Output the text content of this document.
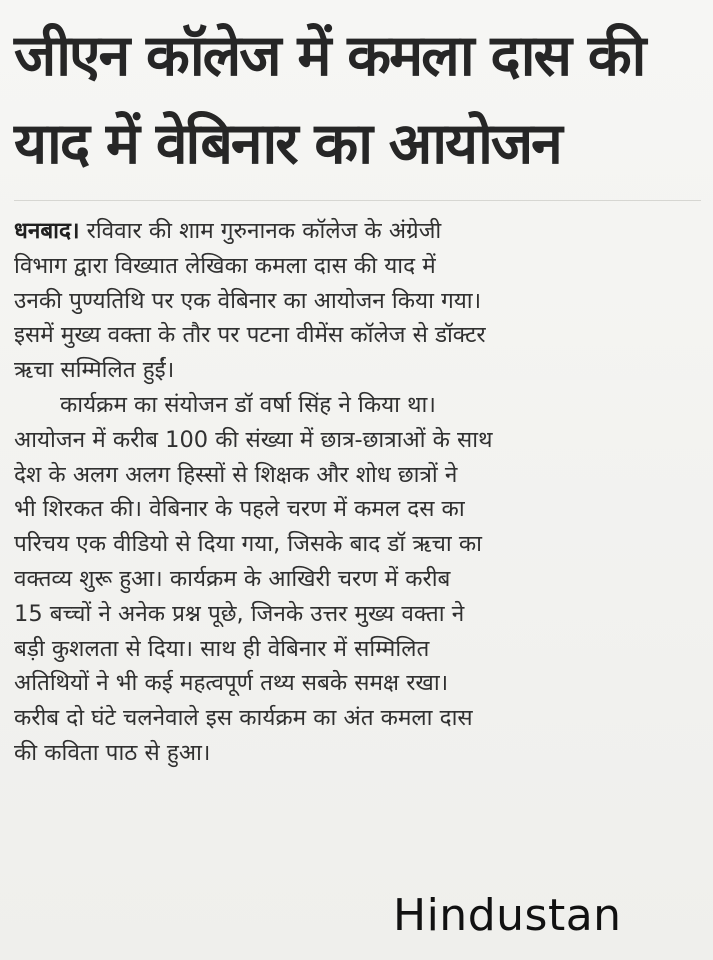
जीएन कॉलेज में कमला दास की
याद में वेबिनार का आयोजन
धनबाद। रविवार की शाम गुरुनानक कॉलेज के अंग्रेजी
विभाग द्वारा विख्यात लेखिका कमला दास की याद में
उनकी पुण्यतिथि पर एक वेबिनार का आयोजन किया गया।
इसमें मुख्य वक्ता के तौर पर पटना वीमेंस कॉलेज से डॉक्टर
ऋचा सम्मिलित हुईं।
कार्यक्रम का संयोजन डॉ वर्षा सिंह ने किया था।
आयोजन में करीब 100 की संख्या में छात्र-छात्राओं के साथ
देश के अलग अलग हिस्सों से शिक्षक और शोध छात्रों ने
भी शिरकत की। वेबिनार के पहले चरण में कमल दस का
परिचय एक वीडियो से दिया गया, जिसके बाद डॉ ऋचा का
वक्तव्य शुरू हुआ। कार्यक्रम के आखिरी चरण में करीब
15 बच्चों ने अनेक प्रश्न पूछे, जिनके उत्तर मुख्य वक्ता ने
बड़ी कुशलता से दिया। साथ ही वेबिनार में सम्मिलित
अतिथियों ने भी कई महत्वपूर्ण तथ्य सबके समक्ष रखा।
करीब दो घंटे चलनेवाले इस कार्यक्रम का अंत कमला दास
की कविता पाठ से हुआ।
Hindustan
